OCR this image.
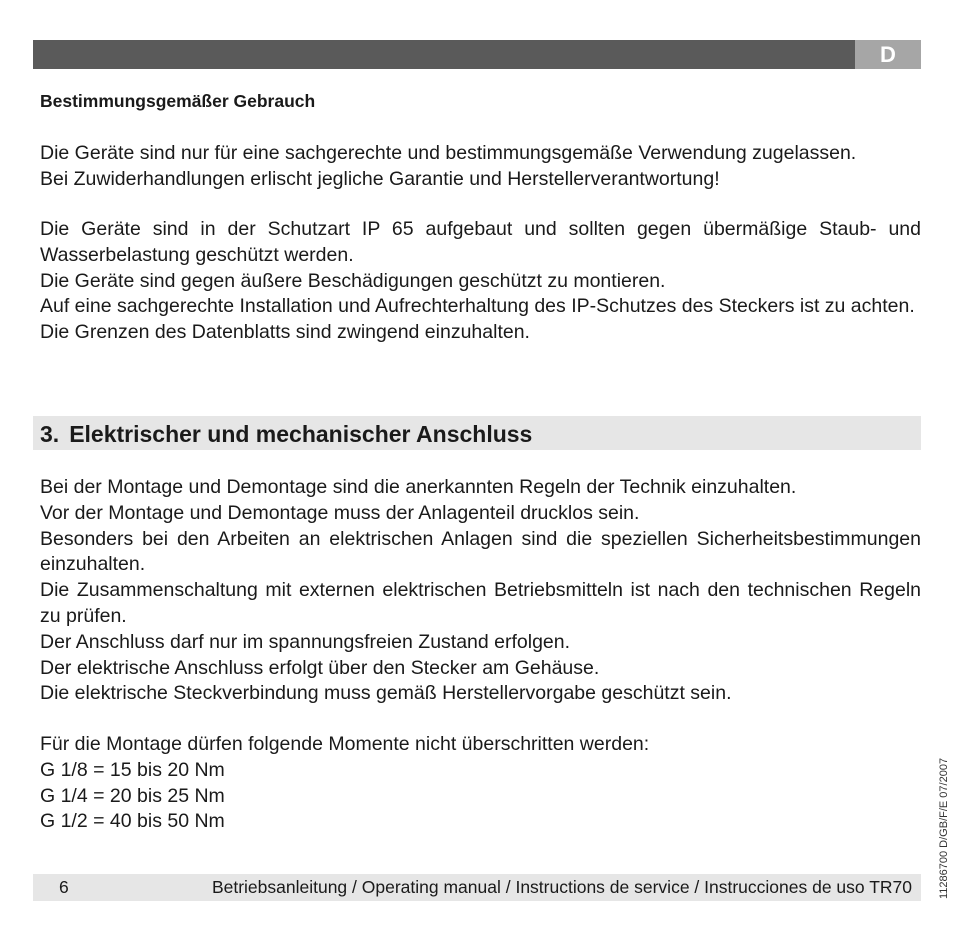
D
Bestimmungsgemäßer Gebrauch

Die Geräte sind nur für eine sachgerechte und bestimmungsgemäße Verwendung zugelassen.

Bei Zuwiderhandlungen erlischt jegliche Garantie und Herstellerverantwortung!

Die Geräte sind in der Schutzart IP 65 aufgebaut und sollten gegen übermäßige Staub- und Wasserbelastung geschützt werden.

Die Geräte sind gegen äußere Beschädigungen geschützt zu montieren.

Auf eine sachgerechte Installation und Aufrechterhaltung des IP-Schutzes des Steckers ist zu achten.

Die Grenzen des Datenblatts sind zwingend einzuhalten.

3. Elektrischer und mechanischer Anschluss

Bei der Montage und Demontage sind die anerkannten Regeln der Technik einzuhalten.

Vor der Montage und Demontage muss der Anlagenteil drucklos sein.

Besonders bei den Arbeiten an elektrischen Anlagen sind die speziellen Sicherheitsbestimmungen einzuhalten.

Die Zusammenschaltung mit externen elektrischen Betriebsmitteln ist nach den technischen Regeln zu prüfen.

Der Anschluss darf nur im spannungsfreien Zustand erfolgen.

Der elektrische Anschluss erfolgt über den Stecker am Gehäuse.

Die elektrische Steckverbindung muss gemäß Herstellervorgabe geschützt sein.

Für die Montage dürfen folgende Momente nicht überschritten werden:

G 1/8 = 15 bis 20 Nm

G 1/4 = 20 bis 25 Nm

G 1/2 = 40 bis 50 Nm

6	Betriebsanleitung / Operating manual / Instructions de service / Instrucciones de uso TR70 11286700 D/GB/F/E 07/2007
